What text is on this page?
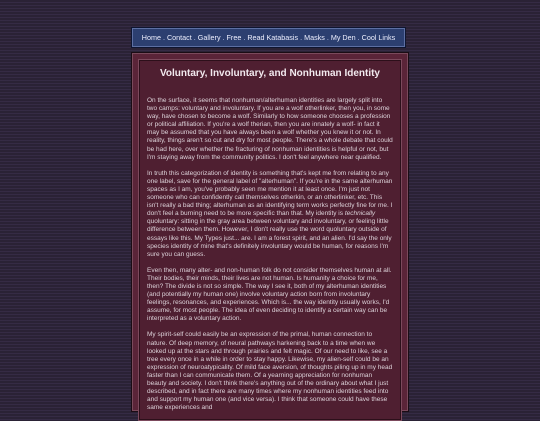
Home . Contact . Gallery . Free . Read Katabasis . Masks . My Den . Cool Links
Voluntary, Involuntary, and Nonhuman Identity

On the surface, it seems that nonhuman/alterhuman identities are largely split into two camps: voluntary and involuntary. If you are a wolf otherlinker, then you, in some way, have chosen to become a wolf. Similarly to how someone chooses a profession or political affiliation. If you're a wolf therian, then you are innately a wolf- in fact it may be assumed that you have always been a wolf whether you knew it or not. In reality, things aren't so cut and dry for most people. There's a whole debate that could be had here, over whether the fracturing of nonhuman identities is helpful or not, but I'm staying away from the community politics. I don't feel anywhere near qualified.

In truth this categorization of identity is something that's kept me from relating to any one label, save for the general label of "alterhuman". If you're in the same alterhuman spaces as I am, you've probably seen me mention it at least once. I'm just not someone who can confidently call themselves otherkin, or an otherlinker, etc. This isn't really a bad thing; alterhuman as an identifying term works perfectly fine for me. I don't feel a burning need to be more specific than that. My identity is technically quoluntary: sitting in the gray area between voluntary and involuntary, or feeling little difference between them. However, I don't really use the word quoluntary outside of essays like this. My Types just... are. I am a forest spirit, and an alien. I'd say the only species identity of mine that's definitely involuntary would be human, for reasons I'm sure you can guess.

Even then, many alter- and non-human folk do not consider themselves human at all. Their bodies, their minds, their lives are not human. Is humanity a choice for me, then? The divide is not so simple. The way I see it, both of my alterhuman identities (and potentially my human one) involve voluntary action born from involuntary feelings, resonances, and experiences. Which is... the way identity usually works, I'd assume, for most people. The idea of even deciding to identify a certain way can be interpreted as a voluntary action.

My spirit-self could easily be an expression of the primal, human connection to nature. Of deep memory, of neural pathways harkening back to a time when we looked up at the stars and through prairies and felt magic. Of our need to like, see a tree every once in a while in order to stay happy. Likewise, my alien-self could be an expression of neuroatypicality. Of mild face aversion, of thoughts piling up in my head faster than I can communicate them. Of a yearning appreciation for nonhuman beauty and society. I don't think there's anything out of the ordinary about what I just described, and in fact there are many times where my nonhuman identities feed into and support my human one (and vice versa). I think that someone could have these same experiences and
